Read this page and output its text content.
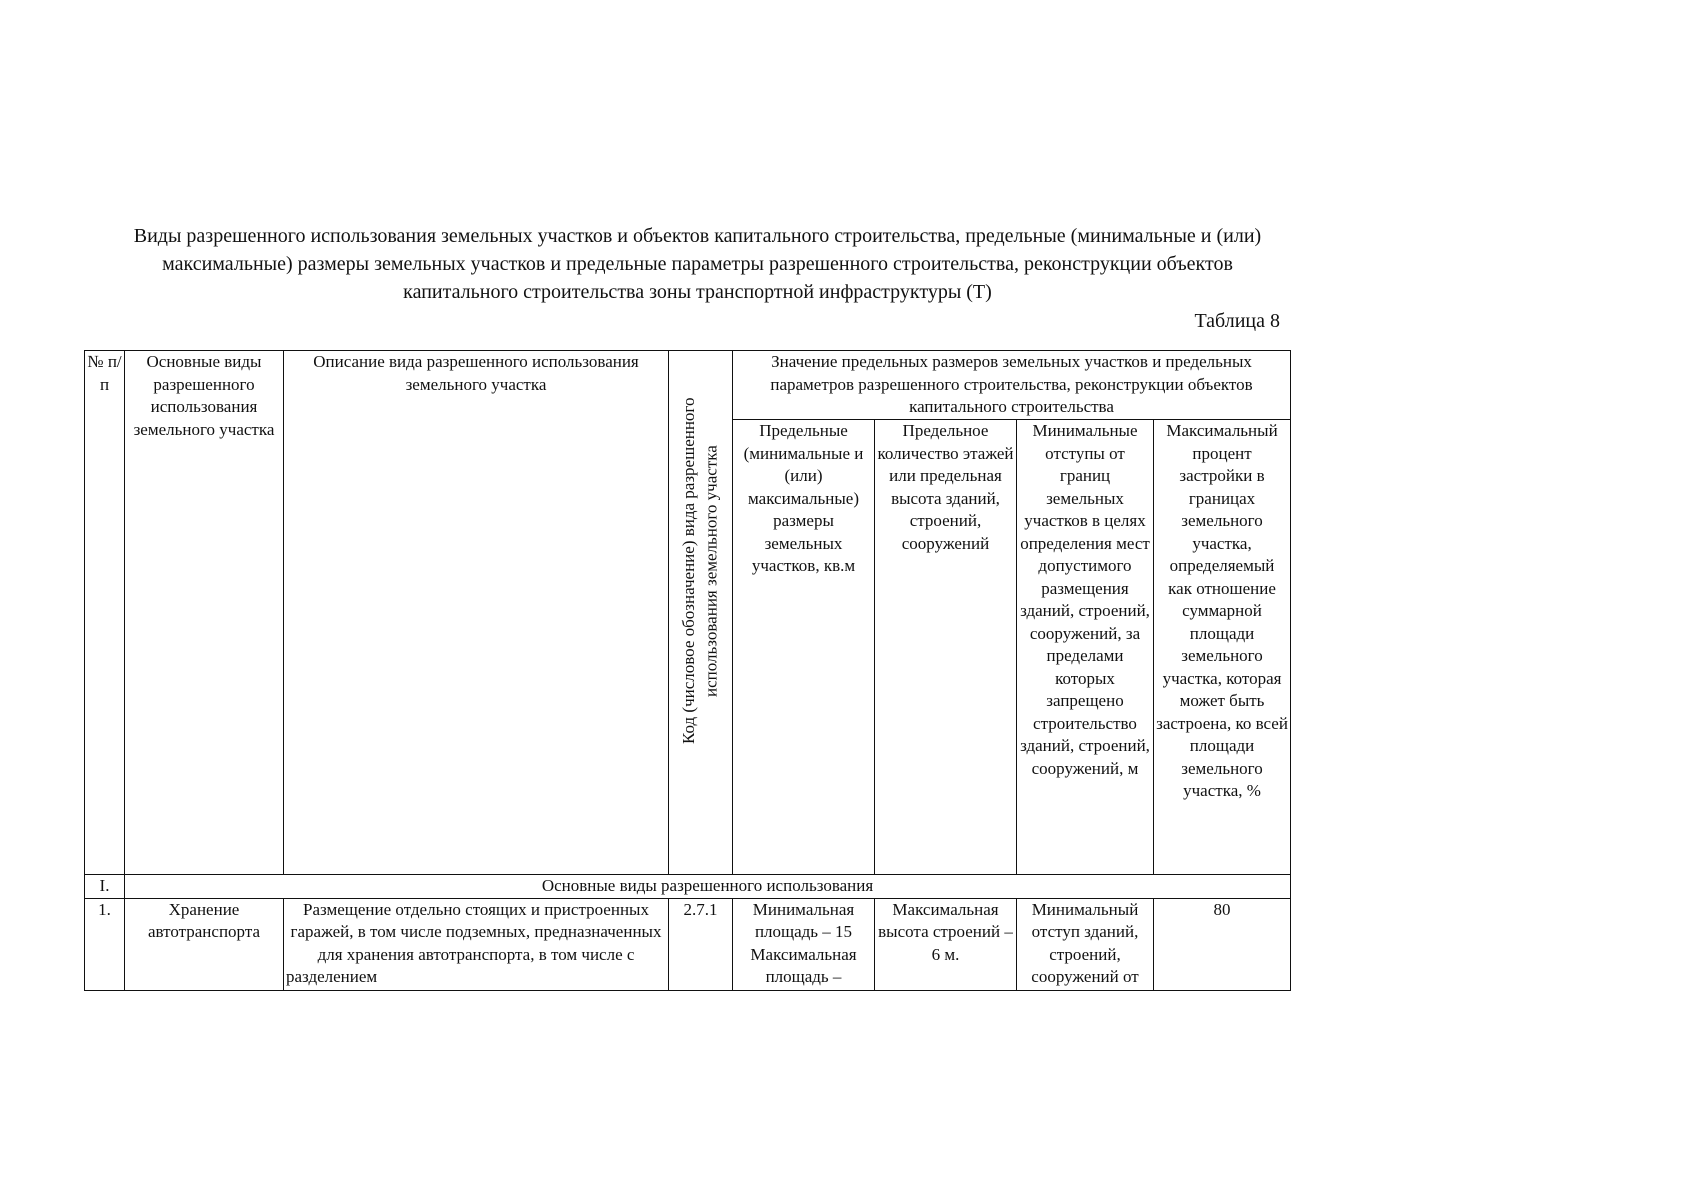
Виды разрешенного использования земельных участков и объектов капитального строительства, предельные (минимальные и (или) максимальные) размеры земельных участков и предельные параметры разрешенного строительства, реконструкции объектов капитального строительства зоны транспортной инфраструктуры (Т)
Таблица 8
№ п/п	Основные виды разрешенного использования земельного участка	Описание вида разрешенного использования земельного участка	Код (числовое обозначение) вида разрешенного использования земельного участка	Значение предельных размеров земельных участков и предельных параметров разрешенного строительства, реконструкции объектов капитального строительства			
				Предельные (минимальные и (или) максимальные) размеры земельных участков, кв.м	Предельное количество этажей или предельная высота зданий, строений, сооружений	Минимальные отступы от границ земельных участков в целях определения мест допустимого размещения зданий, строений, сооружений, за пределами которых запрещено строительство зданий, строений, сооружений, м	Максимальный процент застройки в границах земельного участка, определяемый как отношение суммарной площади земельного участка, которая может быть застроена, ко всей площади земельного участка, %
I.	Основные виды разрешенного использования						
1.	Хранение автотранспорта	Размещение отдельно стоящих и пристроенных гаражей, в том числе подземных, предназначенных для хранения автотранспорта, в том числе с разделением	2.7.1	Минимальная площадь – 15 Максимальная площадь –	Максимальная высота строений – 6 м.	Минимальный отступ зданий, строений, сооружений от	80
